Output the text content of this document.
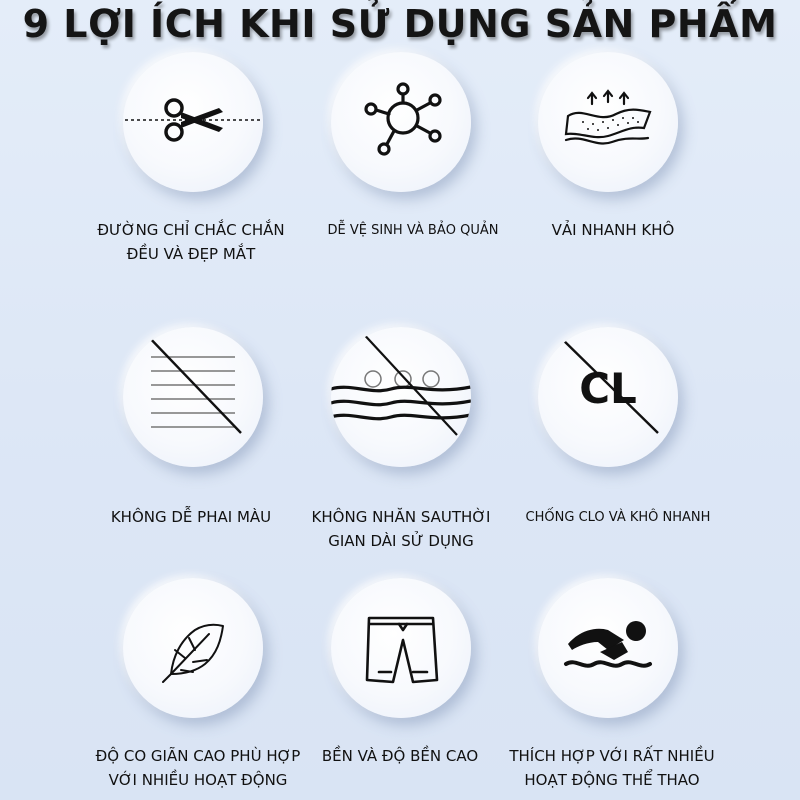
9 LỢI ÍCH KHI SỬ DỤNG SẢN PHẨM
ĐƯỜNG CHỈ CHẮC CHẮN
ĐỀU VÀ ĐẸP MẮT
DỄ VỆ SINH VÀ BẢO QUẢN	VẢI NHANH KHÔ
CL
KHÔNG DỄ PHAI MÀU	KHÔNG NHĂN SAUTHỜI
GIAN DÀI SỬ DỤNG
CHỐNG CLO VÀ KHÔ NHANH
ĐỘ CO GIÃN CAO PHÙ HỢP
VỚI NHIỀU HOẠT ĐỘNG
BỀN VÀ ĐỘ BỀN CAO	THÍCH HỢP VỚI RẤT NHIỀU
HOẠT ĐỘNG THỂ THAO
